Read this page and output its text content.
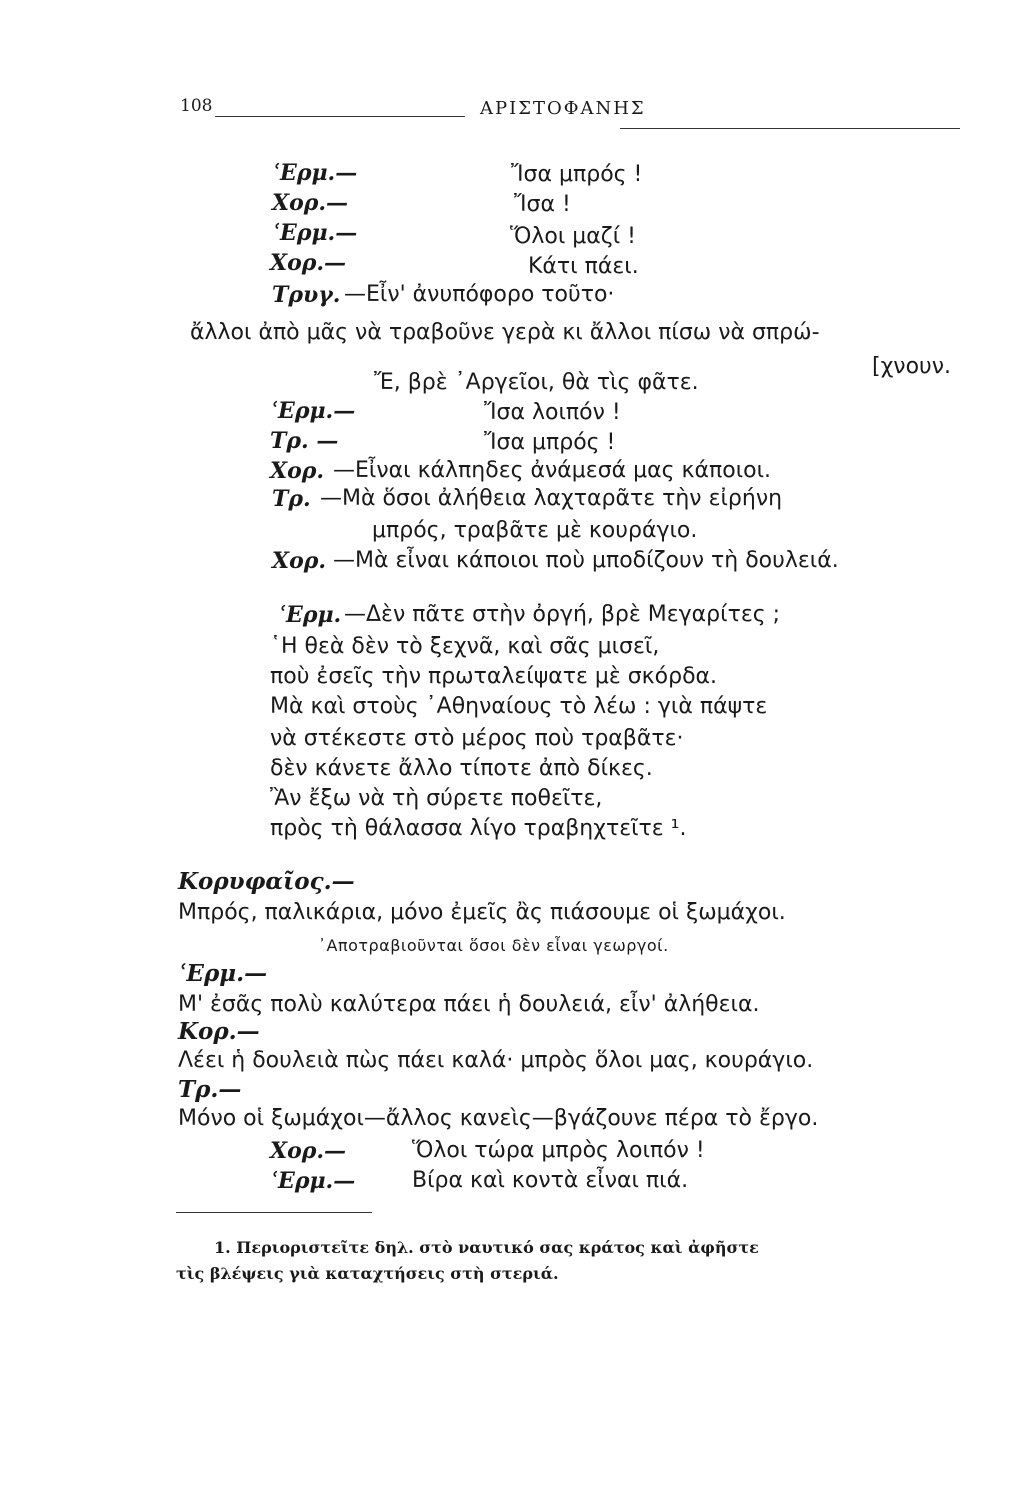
108	ΑΡΙΣΤΟΦΑΝΗΣ
ʿΕρμ.—	Ἴσα μπρός !
Χορ.—	Ἴσα !
ʿΕρμ.—	Ὅλοι μαζί !
Χορ.—	Κάτι πάει.
Τρυγ. —Εἶν' ἀνυπόφορο τοῦτο·
ἄλλοι ἀπὸ μᾶς νὰ τραβοῦνε γερὰ κι ἄλλοι πίσω νὰ σπρώ-
[χνουν.
Ἔ, βρὲ ᾿Αργεῖοι, θὰ τὶς φᾶτε.
ʿΕρμ.—	Ἴσα λοιπόν !
Τρ. —	Ἴσα μπρός !
Χορ. —Εἶναι κάλπηδες ἀνάμεσά μας κάποιοι.
Τρ. —Μὰ ὅσοι ἀλήθεια λαχταρᾶτε τὴν εἰρήνη
μπρός, τραβᾶτε μὲ κουράγιο.
Χορ. —Μὰ εἶναι κάποιοι ποὺ μποδίζουν τὴ δουλειά.
ʿΕρμ. —Δὲν πᾶτε στὴν ὀργή, βρὲ Μεγαρίτες ;
῾Η θεὰ δὲν τὸ ξεχνᾶ, καὶ σᾶς μισεῖ,
ποὺ ἐσεῖς τὴν πρωταλείψατε μὲ σκόρδα.
Μὰ καὶ στοὺς ᾿Αθηναίους τὸ λέω : γιὰ πάψτε
νὰ στέκεστε στὸ μέρος ποὺ τραβᾶτε·
δὲν κάνετε ἄλλο τίποτε ἀπὸ δίκες.
Ἂν ἔξω νὰ τὴ σύρετε ποθεῖτε,
πρὸς τὴ θάλασσα λίγο τραβηχτεῖτε ¹.
Κορυφαῖος.—
Μπρός, παλικάρια, μόνο ἐμεῖς ἂς πιάσουμε οἱ ξωμάχοι.
᾿Αποτραβιοῦνται ὅσοι δὲν εἶναι γεωργοί.
ʿΕρμ.—
Μ' ἐσᾶς πολὺ καλύτερα πάει ἡ δουλειά, εἶν' ἀλήθεια.
Κορ.—
Λέει ἡ δουλειὰ πὼς πάει καλά· μπρὸς ὅλοι μας, κουράγιο.
Τρ.—
Μόνο οἱ ξωμάχοι—ἄλλος κανεὶς—βγάζουνε πέρα τὸ ἔργο.
Χορ.—	Ὅλοι τώρα μπρὸς λοιπόν !
ʿΕρμ.—	Βίρα καὶ κοντὰ εἶναι πιά.
1. Περιοριστεῖτε δηλ. στὸ ναυτικό σας κράτος καὶ ἀφῆστε
τὶς βλέψεις γιὰ καταχτήσεις στὴ στεριά.
